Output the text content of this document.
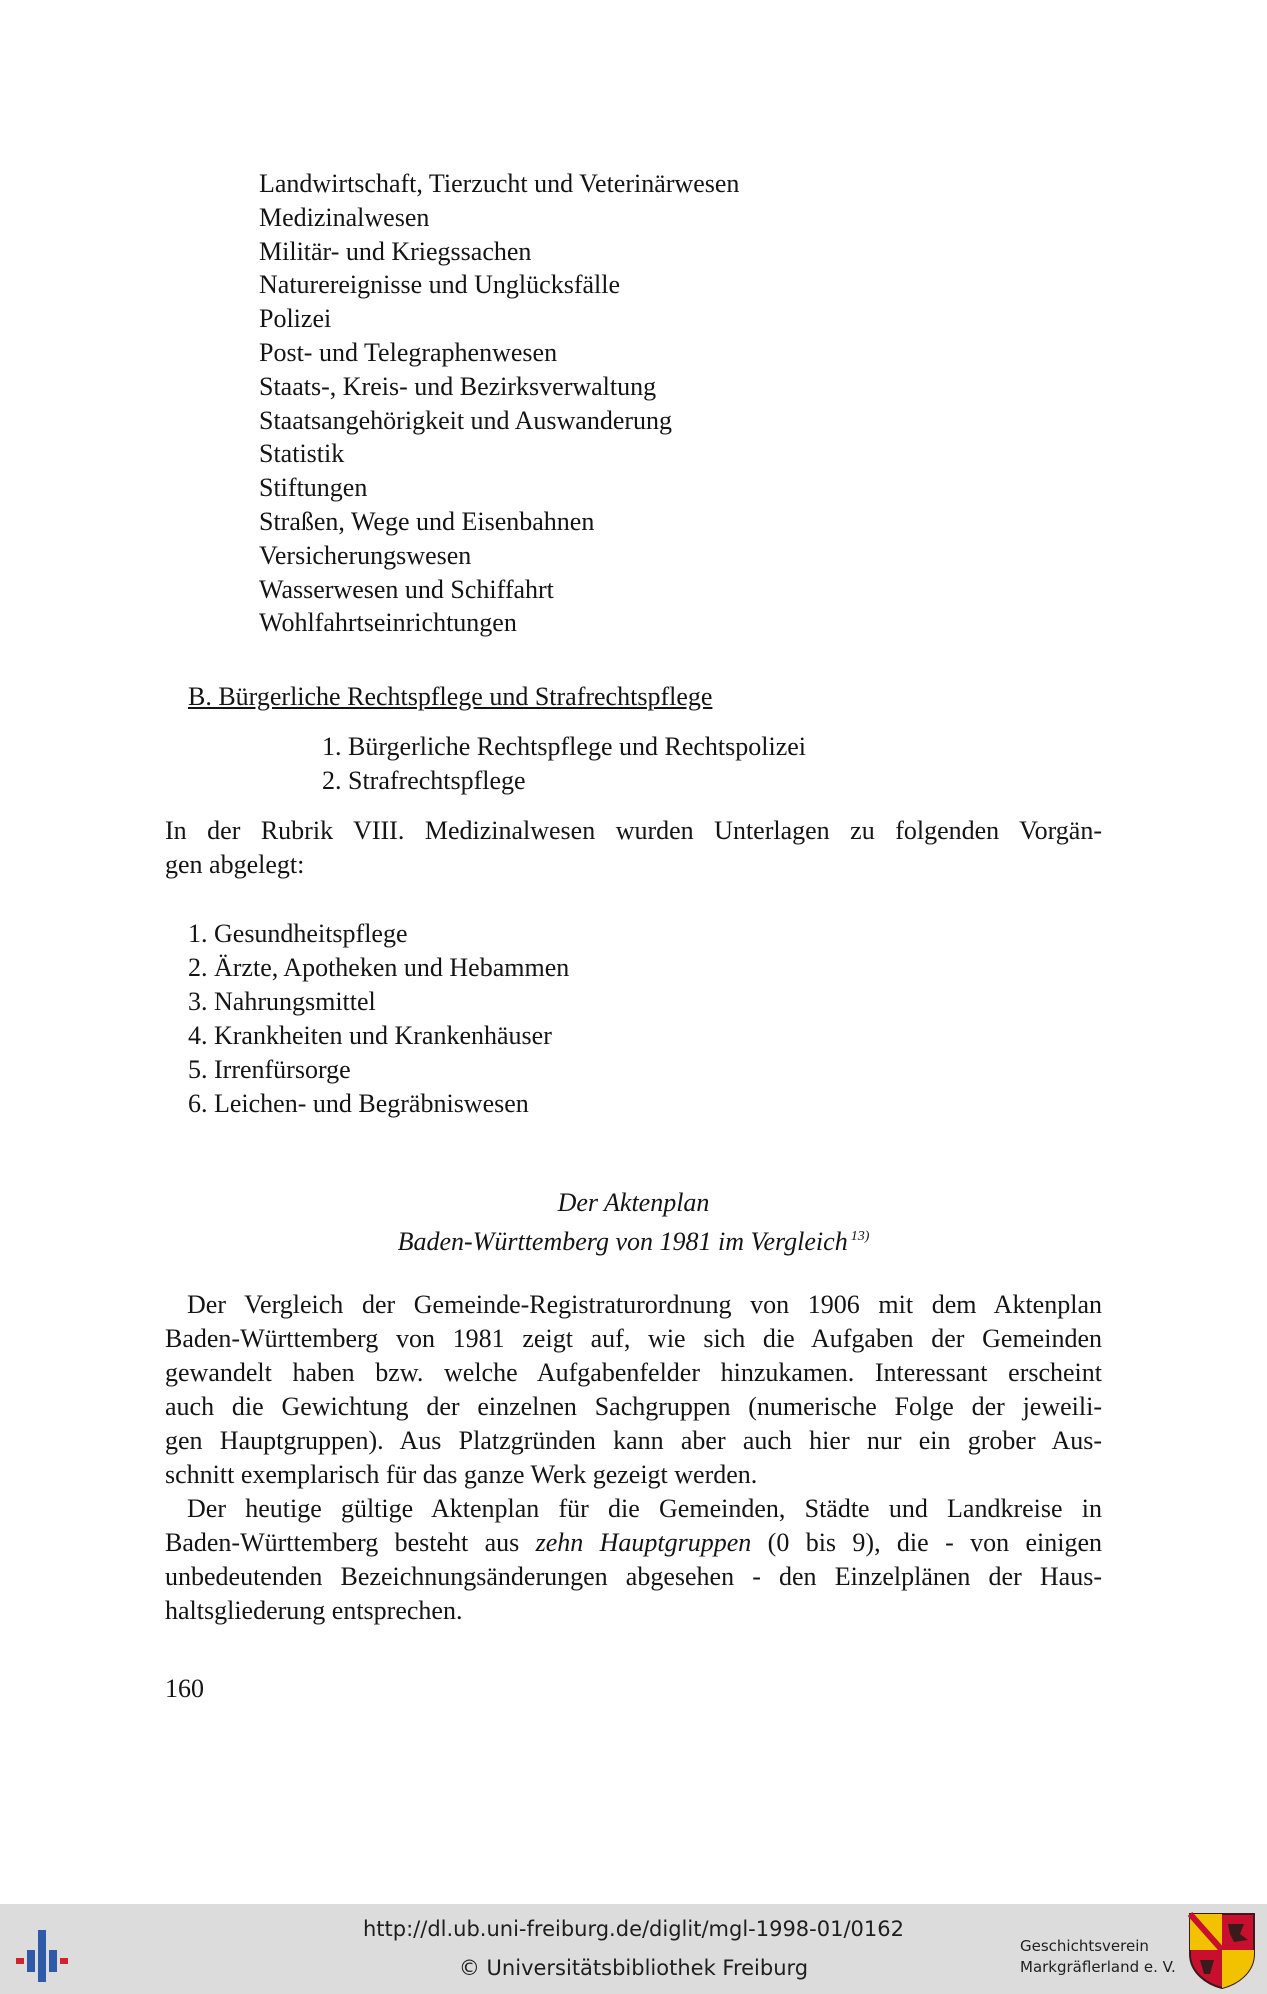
Landwirtschaft, Tierzucht und Veterinärwesen
Medizinalwesen
Militär- und Kriegssachen
Naturereignisse und Unglücksfälle
Polizei
Post- und Telegraphenwesen
Staats-, Kreis- und Bezirksverwaltung
Staatsangehörigkeit und Auswanderung
Statistik
Stiftungen
Straßen, Wege und Eisenbahnen
Versicherungswesen
Wasserwesen und Schiffahrt
Wohlfahrtseinrichtungen
B. Bürgerliche Rechtspflege und Strafrechtspflege
1. Bürgerliche Rechtspflege und Rechtspolizei
2. Strafrechtspflege
In der Rubrik VIII. Medizinalwesen wurden Unterlagen zu folgenden Vorgän-
gen abgelegt:
1. Gesundheitspflege
2. Ärzte, Apotheken und Hebammen
3. Nahrungsmittel
4. Krankheiten und Krankenhäuser
5. Irrenfürsorge
6. Leichen- und Begräbniswesen
Der Aktenplan
Baden-Württemberg von 1981 im Vergleich $^{13)}$
Der Vergleich der Gemeinde-Registraturordnung von 1906 mit dem Aktenplan
Baden-Württemberg von 1981 zeigt auf, wie sich die Aufgaben der Gemeinden
gewandelt haben bzw. welche Aufgabenfelder hinzukamen. Interessant erscheint
auch die Gewichtung der einzelnen Sachgruppen (numerische Folge der jeweili-
gen Hauptgruppen). Aus Platzgründen kann aber auch hier nur ein grober Aus-
schnitt exemplarisch für das ganze Werk gezeigt werden.
Der heutige gültige Aktenplan für die Gemeinden, Städte und Landkreise in
Baden-Württemberg besteht aus zehn Hauptgruppen (0 bis 9), die - von einigen
unbedeutenden Bezeichnungsänderungen abgesehen - den Einzelplänen der Haus-
haltsgliederung entsprechen.
160
http://dl.ub.uni-freiburg.de/diglit/mgl-1998-01/0162
© Universitätsbibliothek Freiburg
Geschichtsverein
Markgräflerland e. V.
